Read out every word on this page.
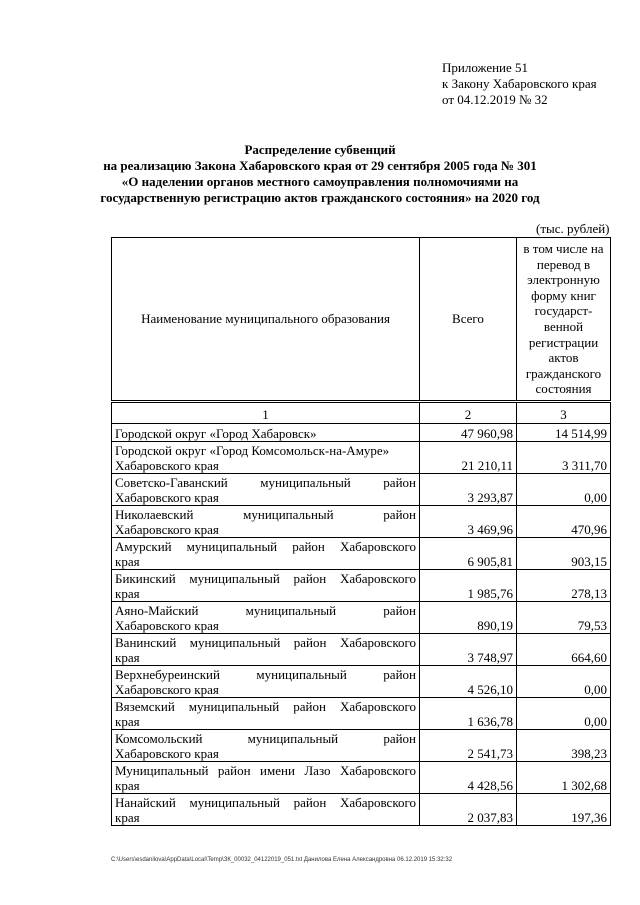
Приложение 51
к Закону Хабаровского края
от 04.12.2019 № 32
Распределение субвенций
на реализацию Закона Хабаровского края от 29 сентября 2005 года № 301
«О наделении органов местного самоуправления полномочиями на
государственную регистрацию актов гражданского состояния» на 2020 год
(тыс. рублей)
Наименование муниципального образования	Всего	в том числе на перевод в электронную форму книг государст-венной регистрации актов гражданского состояния
1	2	3
Городской округ «Город Хабаровск»	47 960,98	14 514,99
Городской округ «Город Комсомольск-на-Амуре» Хабаровского края	21 210,11	3 311,70

Советско-Гаванский муниципальный район
Хабаровского края	3 293,87	0,00

Николаевский муниципальный район
Хабаровского края	3 469,96	470,96

Амурский муниципальный район Хабаровского
края	6 905,81	903,15

Бикинский муниципальный район Хабаровского
края	1 985,76	278,13

Аяно-Майский муниципальный район
Хабаровского края	890,19	79,53

Ванинский муниципальный район Хабаровского
края	3 748,97	664,60

Верхнебуреинский муниципальный район
Хабаровского края	4 526,10	0,00

Вяземский муниципальный район Хабаровского
края	1 636,78	0,00

Комсомольский муниципальный район
Хабаровского края	2 541,73	398,23

Муниципальный район имени Лазо Хабаровского
края	4 428,56	1 302,68

Нанайский муниципальный район Хабаровского
края	2 037,83	197,36
C:\Users\esdanilova\AppData\Local\Temp\ЗК_00032_04122019_051.txt Данилова Елена Александровна 06.12.2019 15:32:32
